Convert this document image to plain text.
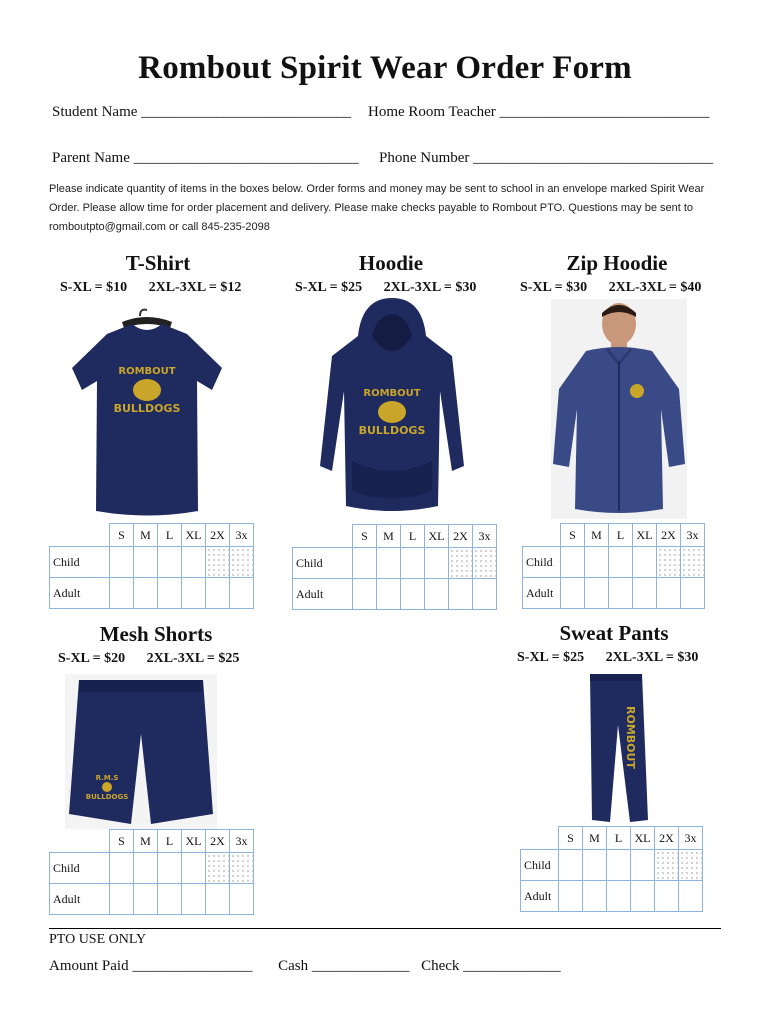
Rombout Spirit Wear Order Form
Student Name ____________________________ Home Room Teacher ____________________________
Parent Name ______________________________ Phone Number ________________________________
Please indicate quantity of items in the boxes below. Order forms and money may be sent to school in an envelope marked Spirit Wear Order. Please allow time for order placement and delivery. Please make checks payable to Rombout PTO. Questions may be sent to romboutpto@gmail.com or call 845-235-2098
T-Shirt
S-XL = $10 2XL-3XL = $12
ROMBOUT
BULLDOGS
	S	M	L	XL	2X	3x
Child						
Adult						
Hoodie
S-XL = $25 2XL-3XL = $30
ROMBOUT
BULLDOGS
	S	M	L	XL	2X	3x
Child						
Adult						
Zip Hoodie
S-XL = $30 2XL-3XL = $40
	S	M	L	XL	2X	3x
Child						
Adult						
Mesh Shorts
S-XL = $20 2XL-3XL = $25
R.M.S
BULLDOGS
	S	M	L	XL	2X	3x
Child						
Adult						
Sweat Pants
S-XL = $25 2XL-3XL = $30
ROMBOUT
	S	M	L	XL	2X	3x
Child						
Adult						
PTO USE ONLY
Amount Paid ________________ Cash _____________ Check _____________
